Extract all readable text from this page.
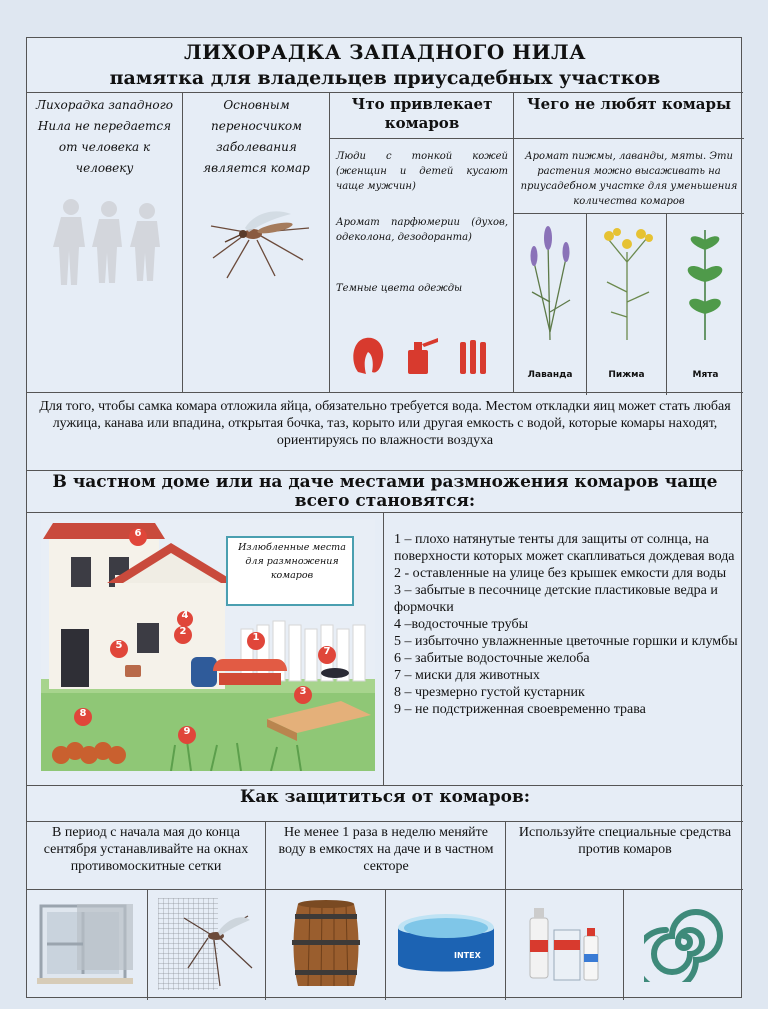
ЛИХОРАДКА ЗАПАДНОГО НИЛА
памятка для владельцев приусадебных участков
Лихорадка западного Нила не передается от человека к человеку
Основным переносчиком заболевания является комар
Что привлекает комаров
Люди с тонкой кожей (женщин и детей кусают чаще мужчин)
Аромат парфюмерии (духов, одеколона, дезодоранта)
Темные цвета одежды
Чего не любят комары
Аромат пижмы, лаванды, мяты. Эти растения можно высаживать на приусадебном участке для уменьшения количества комаров
Лаванда	Пижма	Мята
Для того, чтобы самка комара отложила яйца, обязательно требуется вода. Местом откладки яиц может стать любая лужица, канава или впадина, открытая бочка, таз, корыто или другая емкость с водой, которые комары находят, ориентируясь по влажности воздуха
В частном доме или на даче местами размножения комаров чаще всего становятся:
Излюбленные места для размножения комаров
1
2
3
4
5
6
7
8
9
1 – плохо натянутые тенты для защиты от солнца, на поверхности которых может скапливаться дождевая вода
2 - оставленные на улице без крышек емкости для воды
3 – забытые в песочнице детские пластиковые ведра и формочки
4 –водосточные трубы
5 – избыточно увлажненные цветочные горшки и клумбы
6 – забитые водосточные желоба
7 – миски для животных
8 – чрезмерно густой кустарник
9 – не подстриженная своевременно трава
Как защититься от комаров:
В период с начала мая до конца сентября устанавливайте на окнах противомоскитные сетки
Не менее 1 раза в неделю меняйте воду в емкостях на даче и в частном секторе
Используйте специальные средства против комаров
INTEX
